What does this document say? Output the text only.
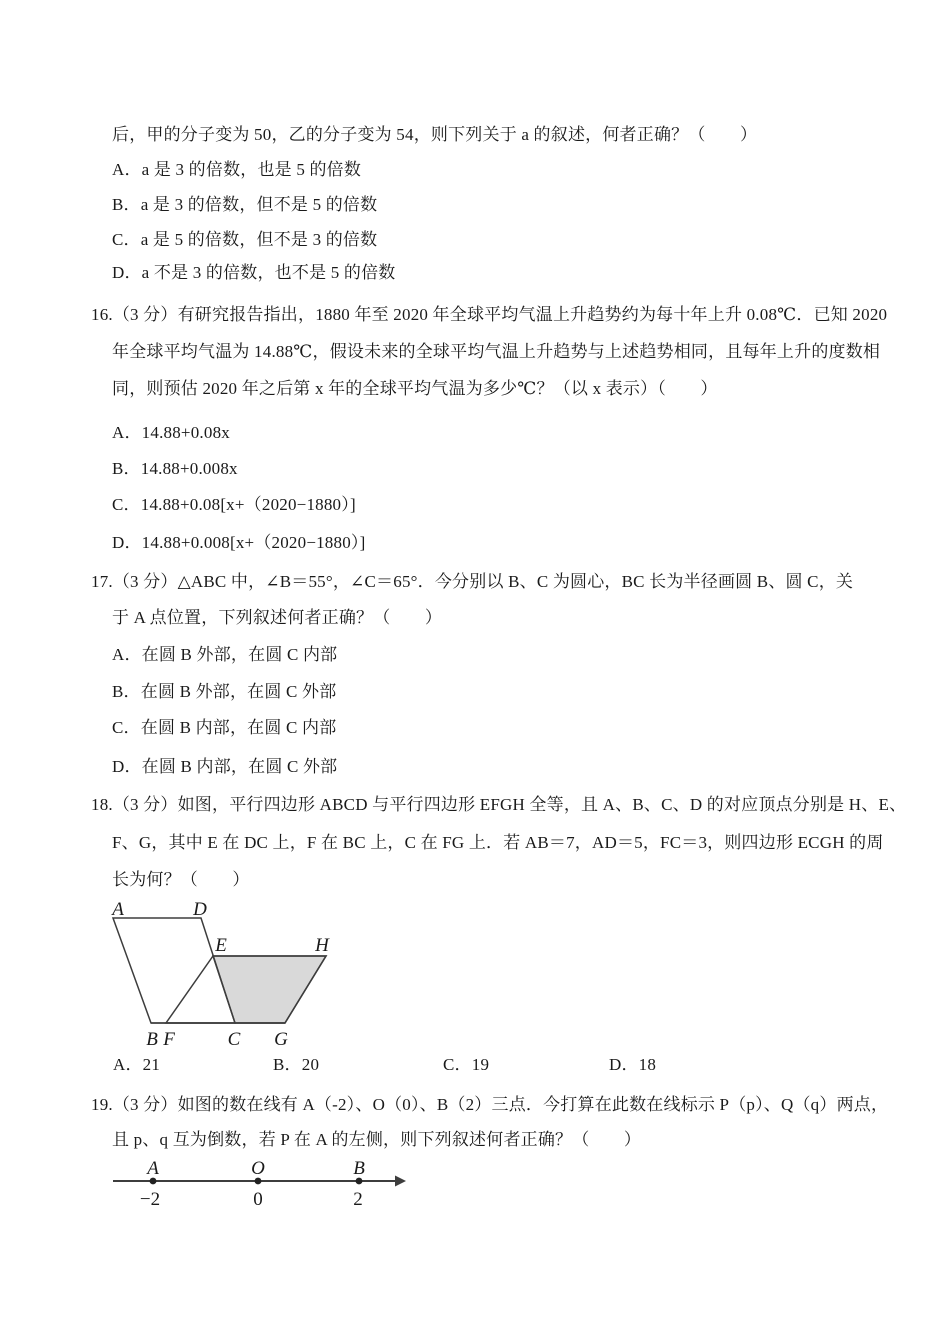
后，甲的分子变为 50，乙的分子变为 54，则下列关于 a 的叙述，何者正确？（　　）
A．a 是 3 的倍数，也是 5 的倍数
B．a 是 3 的倍数，但不是 5 的倍数
C．a 是 5 的倍数，但不是 3 的倍数
D．a 不是 3 的倍数，也不是 5 的倍数
16.（3 分）有研究报告指出，1880 年至 2020 年全球平均气温上升趋势约为每十年上升 0.08℃．已知 2020
年全球平均气温为 14.88℃，假设未来的全球平均气温上升趋势与上述趋势相同，且每年上升的度数相
同，则预估 2020 年之后第 x 年的全球平均气温为多少℃？（以 x 表示）（　　）
A．14.88+0.08x
B．14.88+0.008x
C．14.88+0.08[x+（2020−1880）]
D．14.88+0.008[x+（2020−1880）]
17.（3 分）△ABC 中，∠B＝55°，∠C＝65°．今分别以 B、C 为圆心，BC 长为半径画圆 B、圆 C，关
于 A 点位置，下列叙述何者正确？（　　）
A．在圆 B 外部，在圆 C 内部
B．在圆 B 外部，在圆 C 外部
C．在圆 B 内部，在圆 C 内部
D．在圆 B 内部，在圆 C 外部
18.（3 分）如图，平行四边形 ABCD 与平行四边形 EFGH 全等，且 A、B、C、D 的对应顶点分别是 H、E、
F、G，其中 E 在 DC 上，F 在 BC 上，C 在 FG 上．若 AB＝7，AD＝5，FC＝3，则四边形 ECGH 的周
长为何？（　　）
A	D
E	H
B F	C G
A．21	B．20	C．19	D．18
19.（3 分）如图的数在线有 A（-2）、O（0）、B（2）三点．今打算在此数在线标示 P（p）、Q（q）两点，
且 p、q 互为倒数，若 P 在 A 的左侧，则下列叙述何者正确？（　　）
A	O	B
−2	0	2
